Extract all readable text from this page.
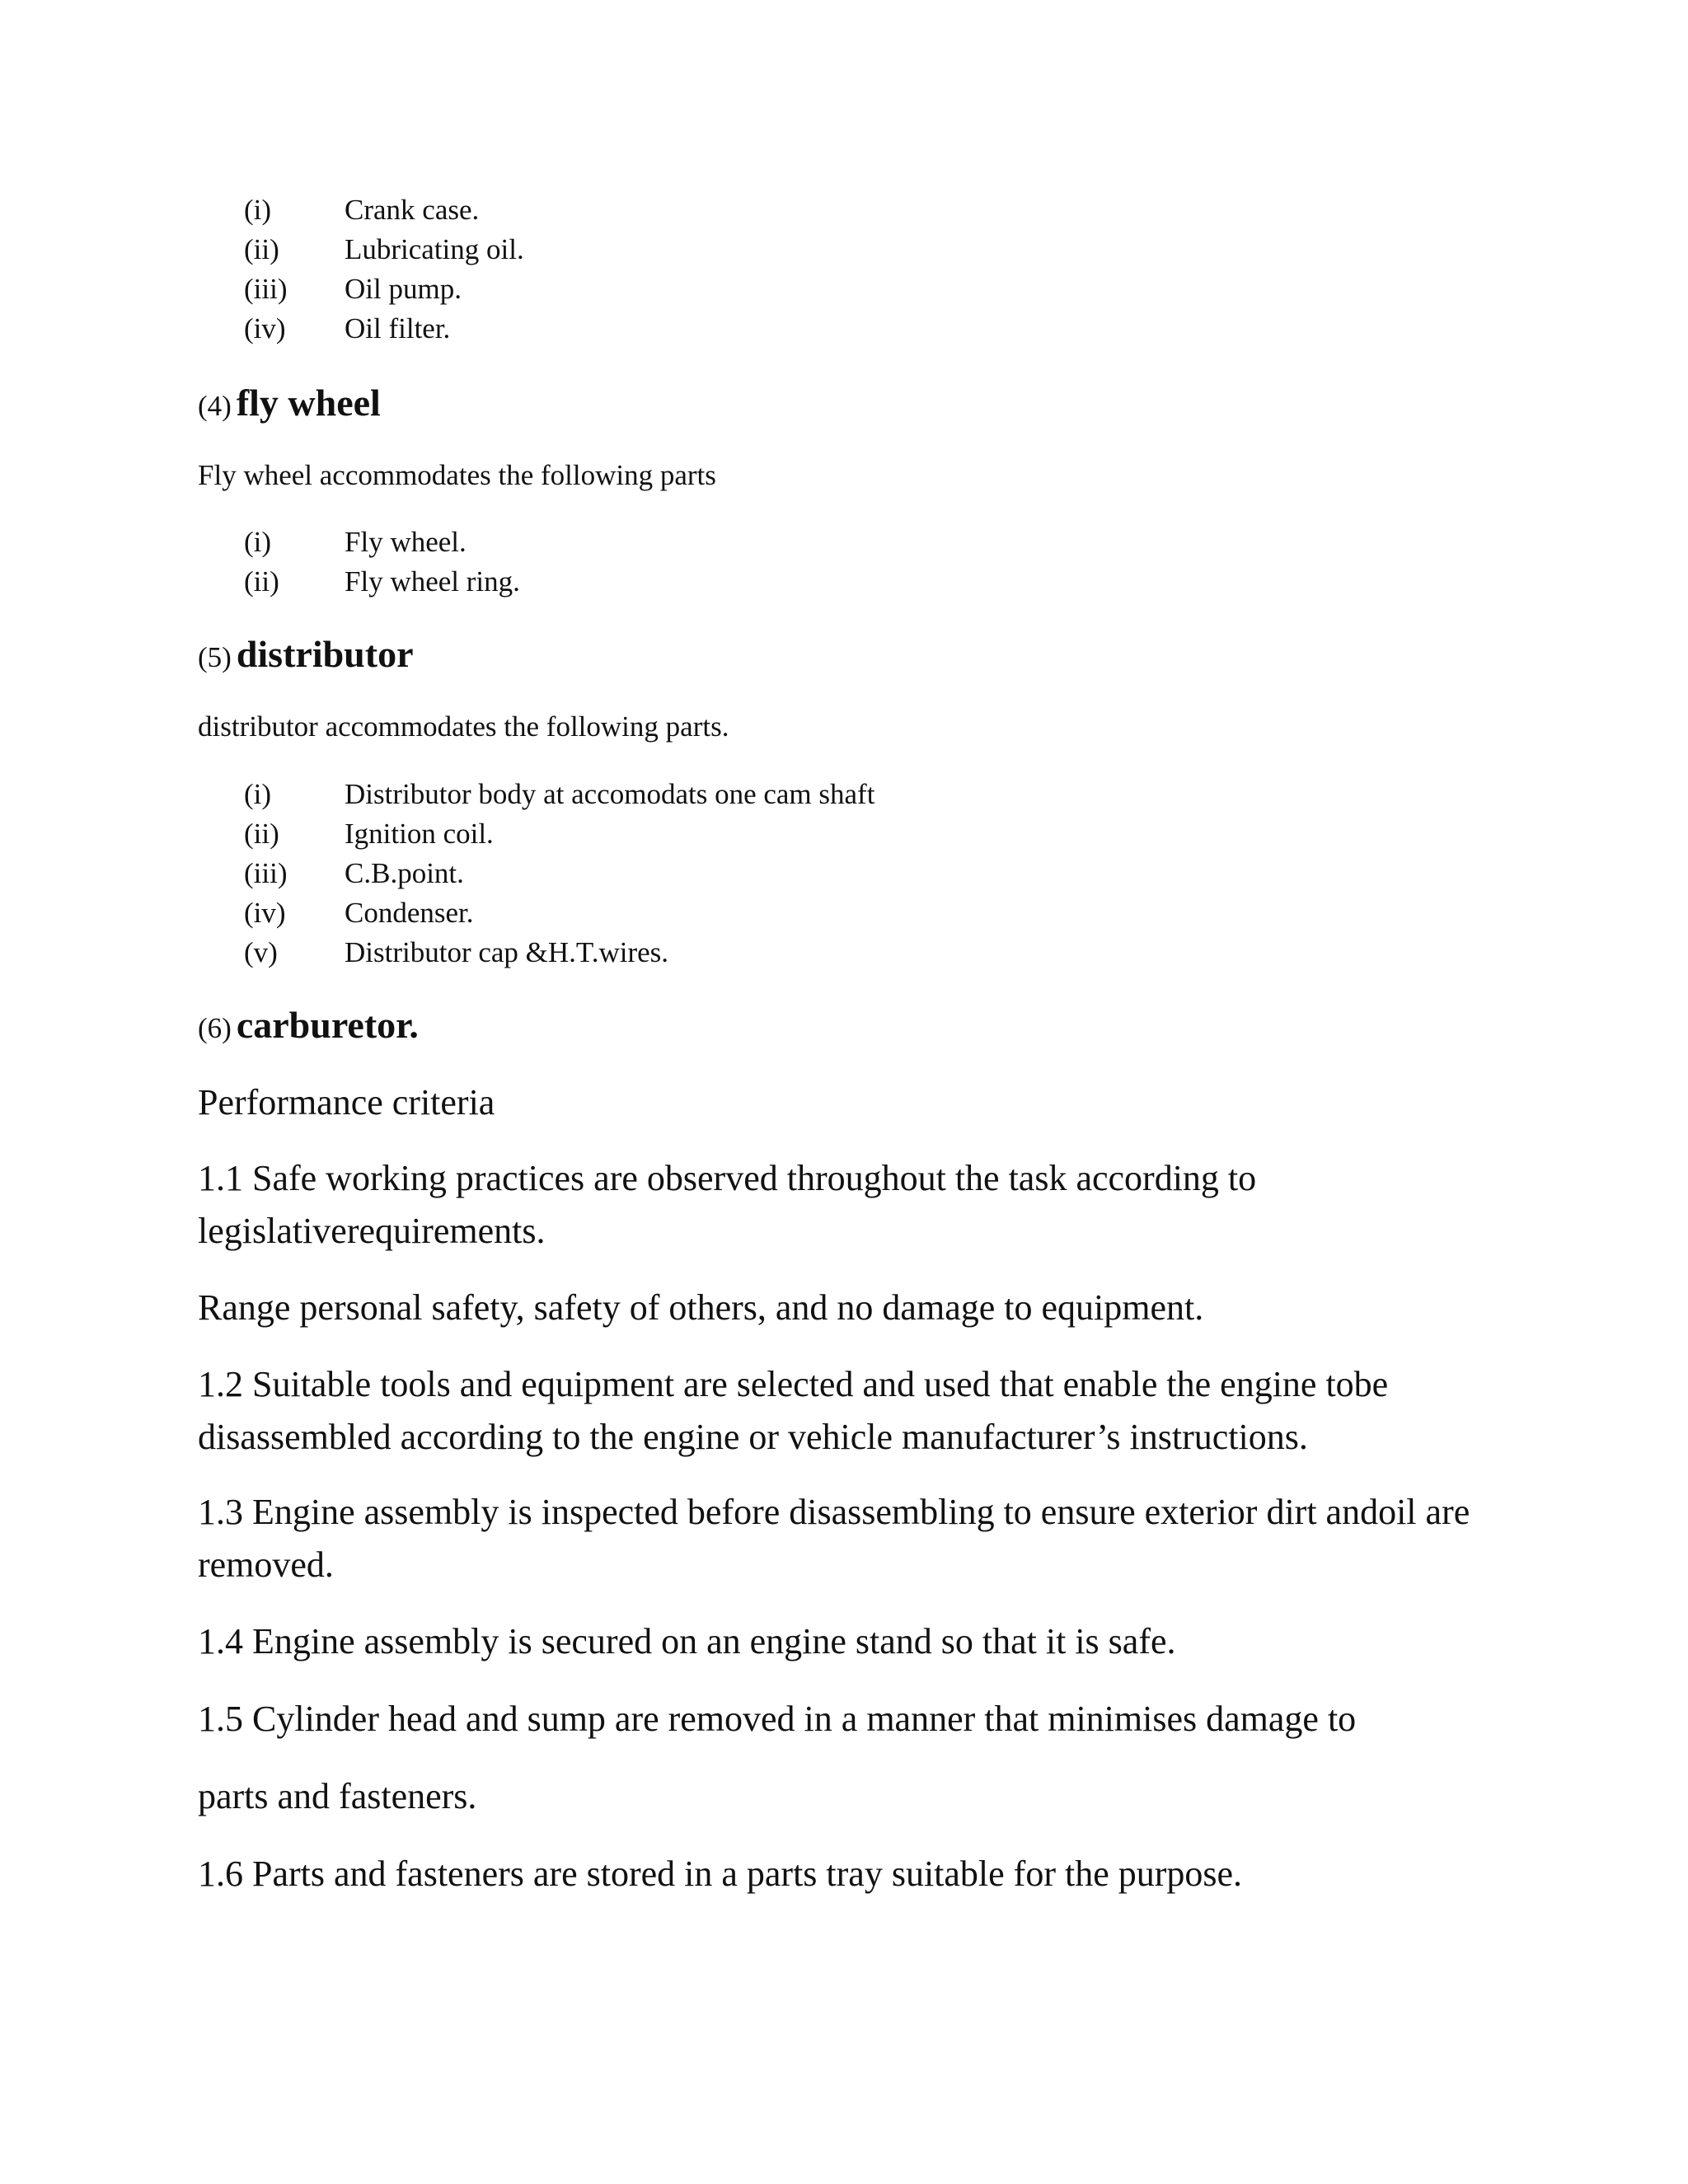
(i)	Crank case.
(ii)	Lubricating oil.
(iii)	Oil pump.
(iv)	Oil filter.
(4) fly wheel

Fly wheel accommodates the following parts

(i)	Fly wheel.
(ii)	Fly wheel ring.
(5) distributor

distributor accommodates the following parts.

(i)	Distributor body at accomodats one cam shaft
(ii)	Ignition coil.
(iii)	C.B.point.
(iv)	Condenser.
(v)	Distributor cap &H.T.wires.
(6) carburetor.

Performance criteria

1.1 Safe working practices are observed throughout the task according to legislativerequirements.

Range personal safety, safety of others, and no damage to equipment.

1.2 Suitable tools and equipment are selected and used that enable the engine tobe disassembled according to the engine or vehicle manufacturer’s instructions.

1.3 Engine assembly is inspected before disassembling to ensure exterior dirt andoil are removed.

1.4 Engine assembly is secured on an engine stand so that it is safe.

1.5 Cylinder head and sump are removed in a manner that minimises damage to

parts and fasteners.

1.6 Parts and fasteners are stored in a parts tray suitable for the purpose.
